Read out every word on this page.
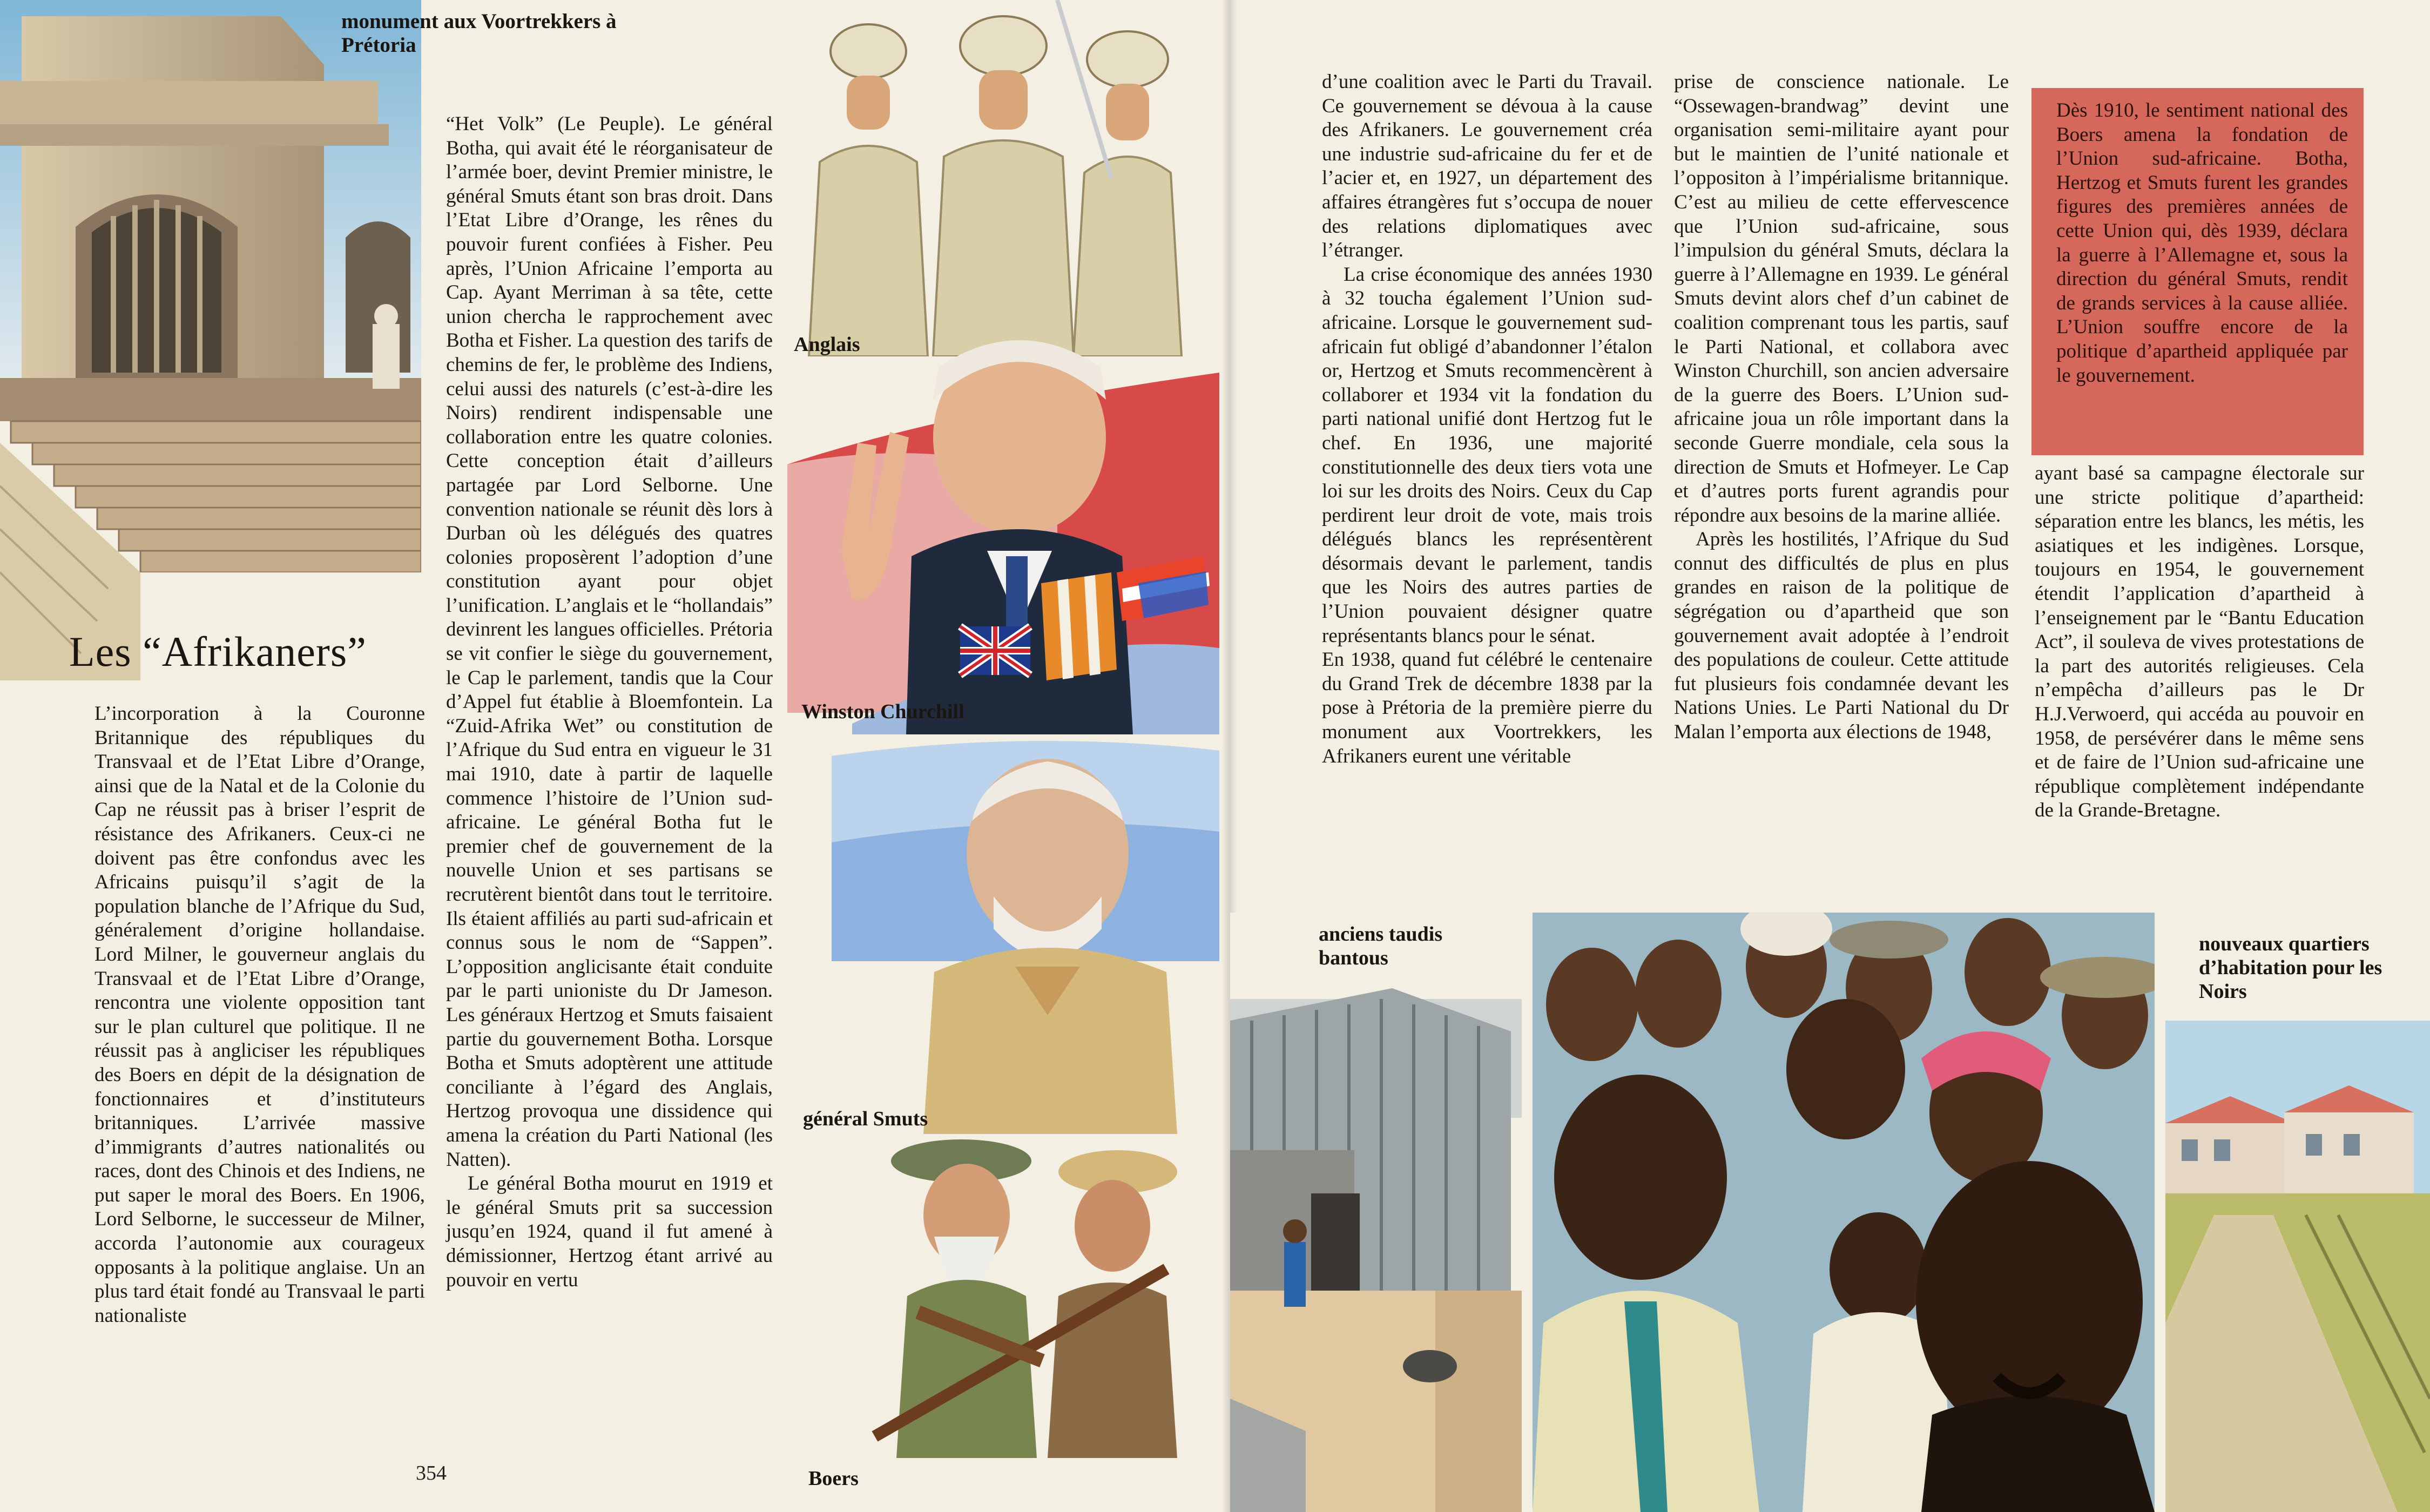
monument aux Voortrekkers à Prétoria
Les “Afrikaners”

L’incorporation à la Couronne Britannique des républiques du Transvaal et de l’Etat Libre d’Orange, ainsi que de la Natal et de la Colonie du Cap ne réussit pas à briser l’esprit de résistance des Afrikaners. Ceux-ci ne doivent pas être confondus avec les Africains puisqu’il s’agit de la population blanche de l’Afrique du Sud, généralement d’origine hollandaise. Lord Milner, le gouverneur anglais du Transvaal et de l’Etat Libre d’Orange, rencontra une violente opposition tant sur le plan culturel que politique. Il ne réussit pas à angliciser les républiques des Boers en dépit de la désignation de fonctionnaires et d’instituteurs britanniques. L’arrivée massive d’immigrants d’autres nationalités ou races, dont des Chinois et des Indiens, ne put saper le moral des Boers. En 1906, Lord Selborne, le successeur de Milner, accorda l’autonomie aux courageux opposants à la politique anglaise. Un an plus tard était fondé au Transvaal le parti nationaliste

“Het Volk” (Le Peuple). Le général Botha, qui avait été le réorganisateur de l’armée boer, devint Premier ministre, le général Smuts étant son bras droit. Dans l’Etat Libre d’Orange, les rênes du pouvoir furent confiées à Fisher. Peu après, l’Union Africaine l’emporta au Cap. Ayant Merriman à sa tête, cette union chercha le rapprochement avec Botha et Fisher. La question des tarifs de chemins de fer, le problème des Indiens, celui aussi des naturels (c’est-à-dire les Noirs) rendirent indispensable une collaboration entre les quatre colonies. Cette conception était d’ailleurs partagée par Lord Selborne. Une convention nationale se réunit dès lors à Durban où les délégués des quatres colonies proposèrent l’adoption d’une constitution ayant pour objet l’unification. L’anglais et le “hollandais” devinrent les langues officielles. Prétoria se vit confier le siège du gouvernement, le Cap le parlement, tandis que la Cour d’Appel fut établie à Bloemfontein. La “Zuid-Afrika Wet” ou constitution de l’Afrique du Sud entra en vigueur le 31 mai 1910, date à partir de laquelle commence l’histoire de l’Union sud-africaine. Le général Botha fut le premier chef de gouvernement de la nouvelle Union et ses partisans se recrutèrent bientôt dans tout le territoire. Ils étaient affiliés au parti sud-africain et connus sous le nom de “Sappen”. L’opposition anglicisante était conduite par le parti unioniste du Dr Jameson. Les généraux Hertzog et Smuts faisaient partie du gouvernement Botha. Lorsque Botha et Smuts adoptèrent une attitude conciliante à l’égard des Anglais, Hertzog provoqua une dissidence qui amena la création du Parti National (les Natten).

Le général Botha mourut en 1919 et le général Smuts prit sa succession jusqu’en 1924, quand il fut amené à démissionner, Hertzog étant arrivé au pouvoir en vertu

354
Anglais
Winston Churchill
général Smuts
Boers

d’une coalition avec le Parti du Travail. Ce gouvernement se dévoua à la cause des Afrikaners. Le gouvernement créa une industrie sud-africaine du fer et de l’acier et, en 1927, un département des affaires étrangères fut s’occupa de nouer des relations diplomatiques avec l’étranger.

La crise économique des années 1930 à 32 toucha également l’Union sud-africaine. Lorsque le gouvernement sud-africain fut obligé d’abandonner l’étalon or, Hertzog et Smuts recommencèrent à collaborer et 1934 vit la fondation du parti national unifié dont Hertzog fut le chef. En 1936, une majorité constitutionnelle des deux tiers vota une loi sur les droits des Noirs. Ceux du Cap perdirent leur droit de vote, mais trois délégués blancs les représentèrent désormais devant le parlement, tandis que les Noirs des autres parties de l’Union pouvaient désigner quatre représentants blancs pour le sénat.

En 1938, quand fut célébré le centenaire du Grand Trek de décembre 1838 par la pose à Prétoria de la première pierre du monument aux Voortrekkers, les Afrikaners eurent une véritable

prise de conscience nationale. Le “Ossewagen-brandwag” devint une organisation semi-militaire ayant pour but le maintien de l’unité nationale et l’oppositon à l’impérialisme britannique. C’est au milieu de cette effervescence que l’Union sud-africaine, sous l’impulsion du général Smuts, déclara la guerre à l’Allemagne en 1939. Le général Smuts devint alors chef d’un cabinet de coalition comprenant tous les partis, sauf le Parti National, et collabora avec Winston Churchill, son ancien adversaire de la guerre des Boers. L’Union sud-africaine joua un rôle important dans la seconde Guerre mondiale, cela sous la direction de Smuts et Hofmeyer. Le Cap et d’autres ports furent agrandis pour répondre aux besoins de la marine alliée.

Après les hostilités, l’Afrique du Sud connut des difficultés de plus en plus grandes en raison de la politique de ségrégation ou d’apartheid que son gouvernement avait adoptée à l’endroit des populations de couleur. Cette attitude fut plusieurs fois condamnée devant les Nations Unies. Le Parti National du Dr Malan l’emporta aux élections de 1948,

Dès 1910, le sentiment national des Boers amena la fondation de l’Union sud-africaine. Botha, Hertzog et Smuts furent les grandes figures des premières années de cette Union qui, dès 1939, déclara la guerre à l’Allemagne et, sous la direction du général Smuts, rendit de grands services à la cause alliée. L’Union souffre encore de la politique d’apartheid appliquée par le gouvernement.

ayant basé sa campagne électorale sur une stricte politique d’apartheid: séparation entre les blancs, les métis, les asiatiques et les indigènes. Lorsque, toujours en 1954, le gouvernement étendit l’application d’apartheid à l’enseignement par le “Bantu Education Act”, il souleva de vives protestations de la part des autorités religieuses. Cela n’empêcha d’ailleurs pas le Dr H.J.Verwoerd, qui accéda au pouvoir en 1958, de persévérer dans le même sens et de faire de l’Union sud-africaine une république complètement indépendante de la Grande-Bretagne.

anciens taudis bantous
nouveaux quartiers d’habitation pour les Noirs
